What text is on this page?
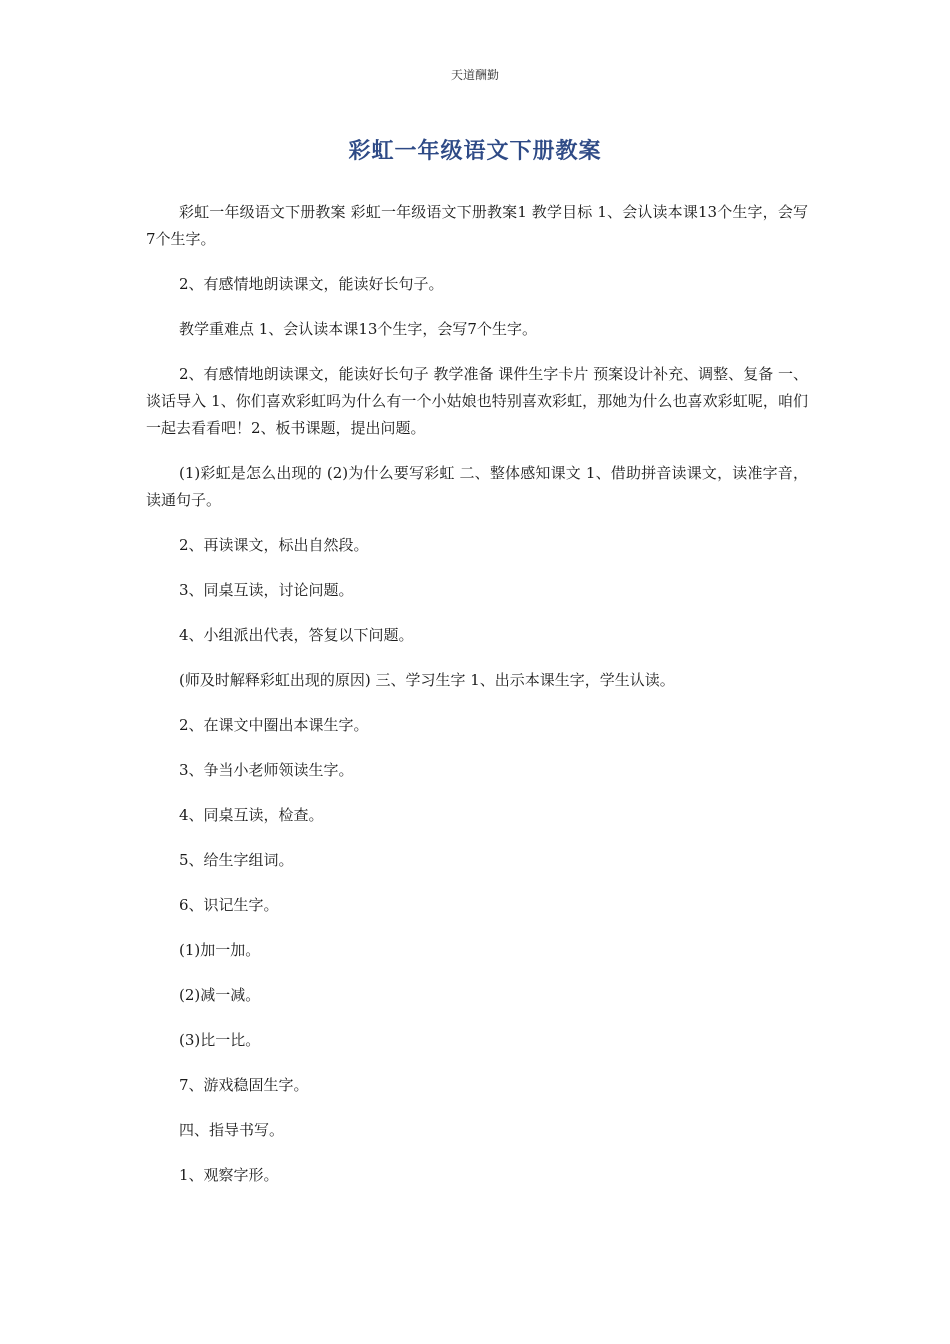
天道酬勤
彩虹一年级语文下册教案

彩虹一年级语文下册教案 彩虹一年级语文下册教案1 教学目标 1、会认读本课13个生字，会写7个生字。

2、有感情地朗读课文，能读好长句子。

教学重难点 1、会认读本课13个生字，会写7个生字。

2、有感情地朗读课文，能读好长句子 教学准备 课件生字卡片 预案设计补充、调整、复备 一、谈话导入 1、你们喜欢彩虹吗为什么有一个小姑娘也特别喜欢彩虹，那她为什么也喜欢彩虹呢，咱们一起去看看吧！2、板书课题，提出问题。

(1)彩虹是怎么出现的 (2)为什么要写彩虹 二、整体感知课文 1、借助拼音读课文，读准字音，读通句子。

2、再读课文，标出自然段。

3、同桌互读，讨论问题。

4、小组派出代表，答复以下问题。

(师及时解释彩虹出现的原因) 三、学习生字 1、出示本课生字，学生认读。

2、在课文中圈出本课生字。

3、争当小老师领读生字。

4、同桌互读，检查。

5、给生字组词。

6、识记生字。

(1)加一加。

(2)减一减。

(3)比一比。

7、游戏稳固生字。

四、指导书写。

1、观察字形。
